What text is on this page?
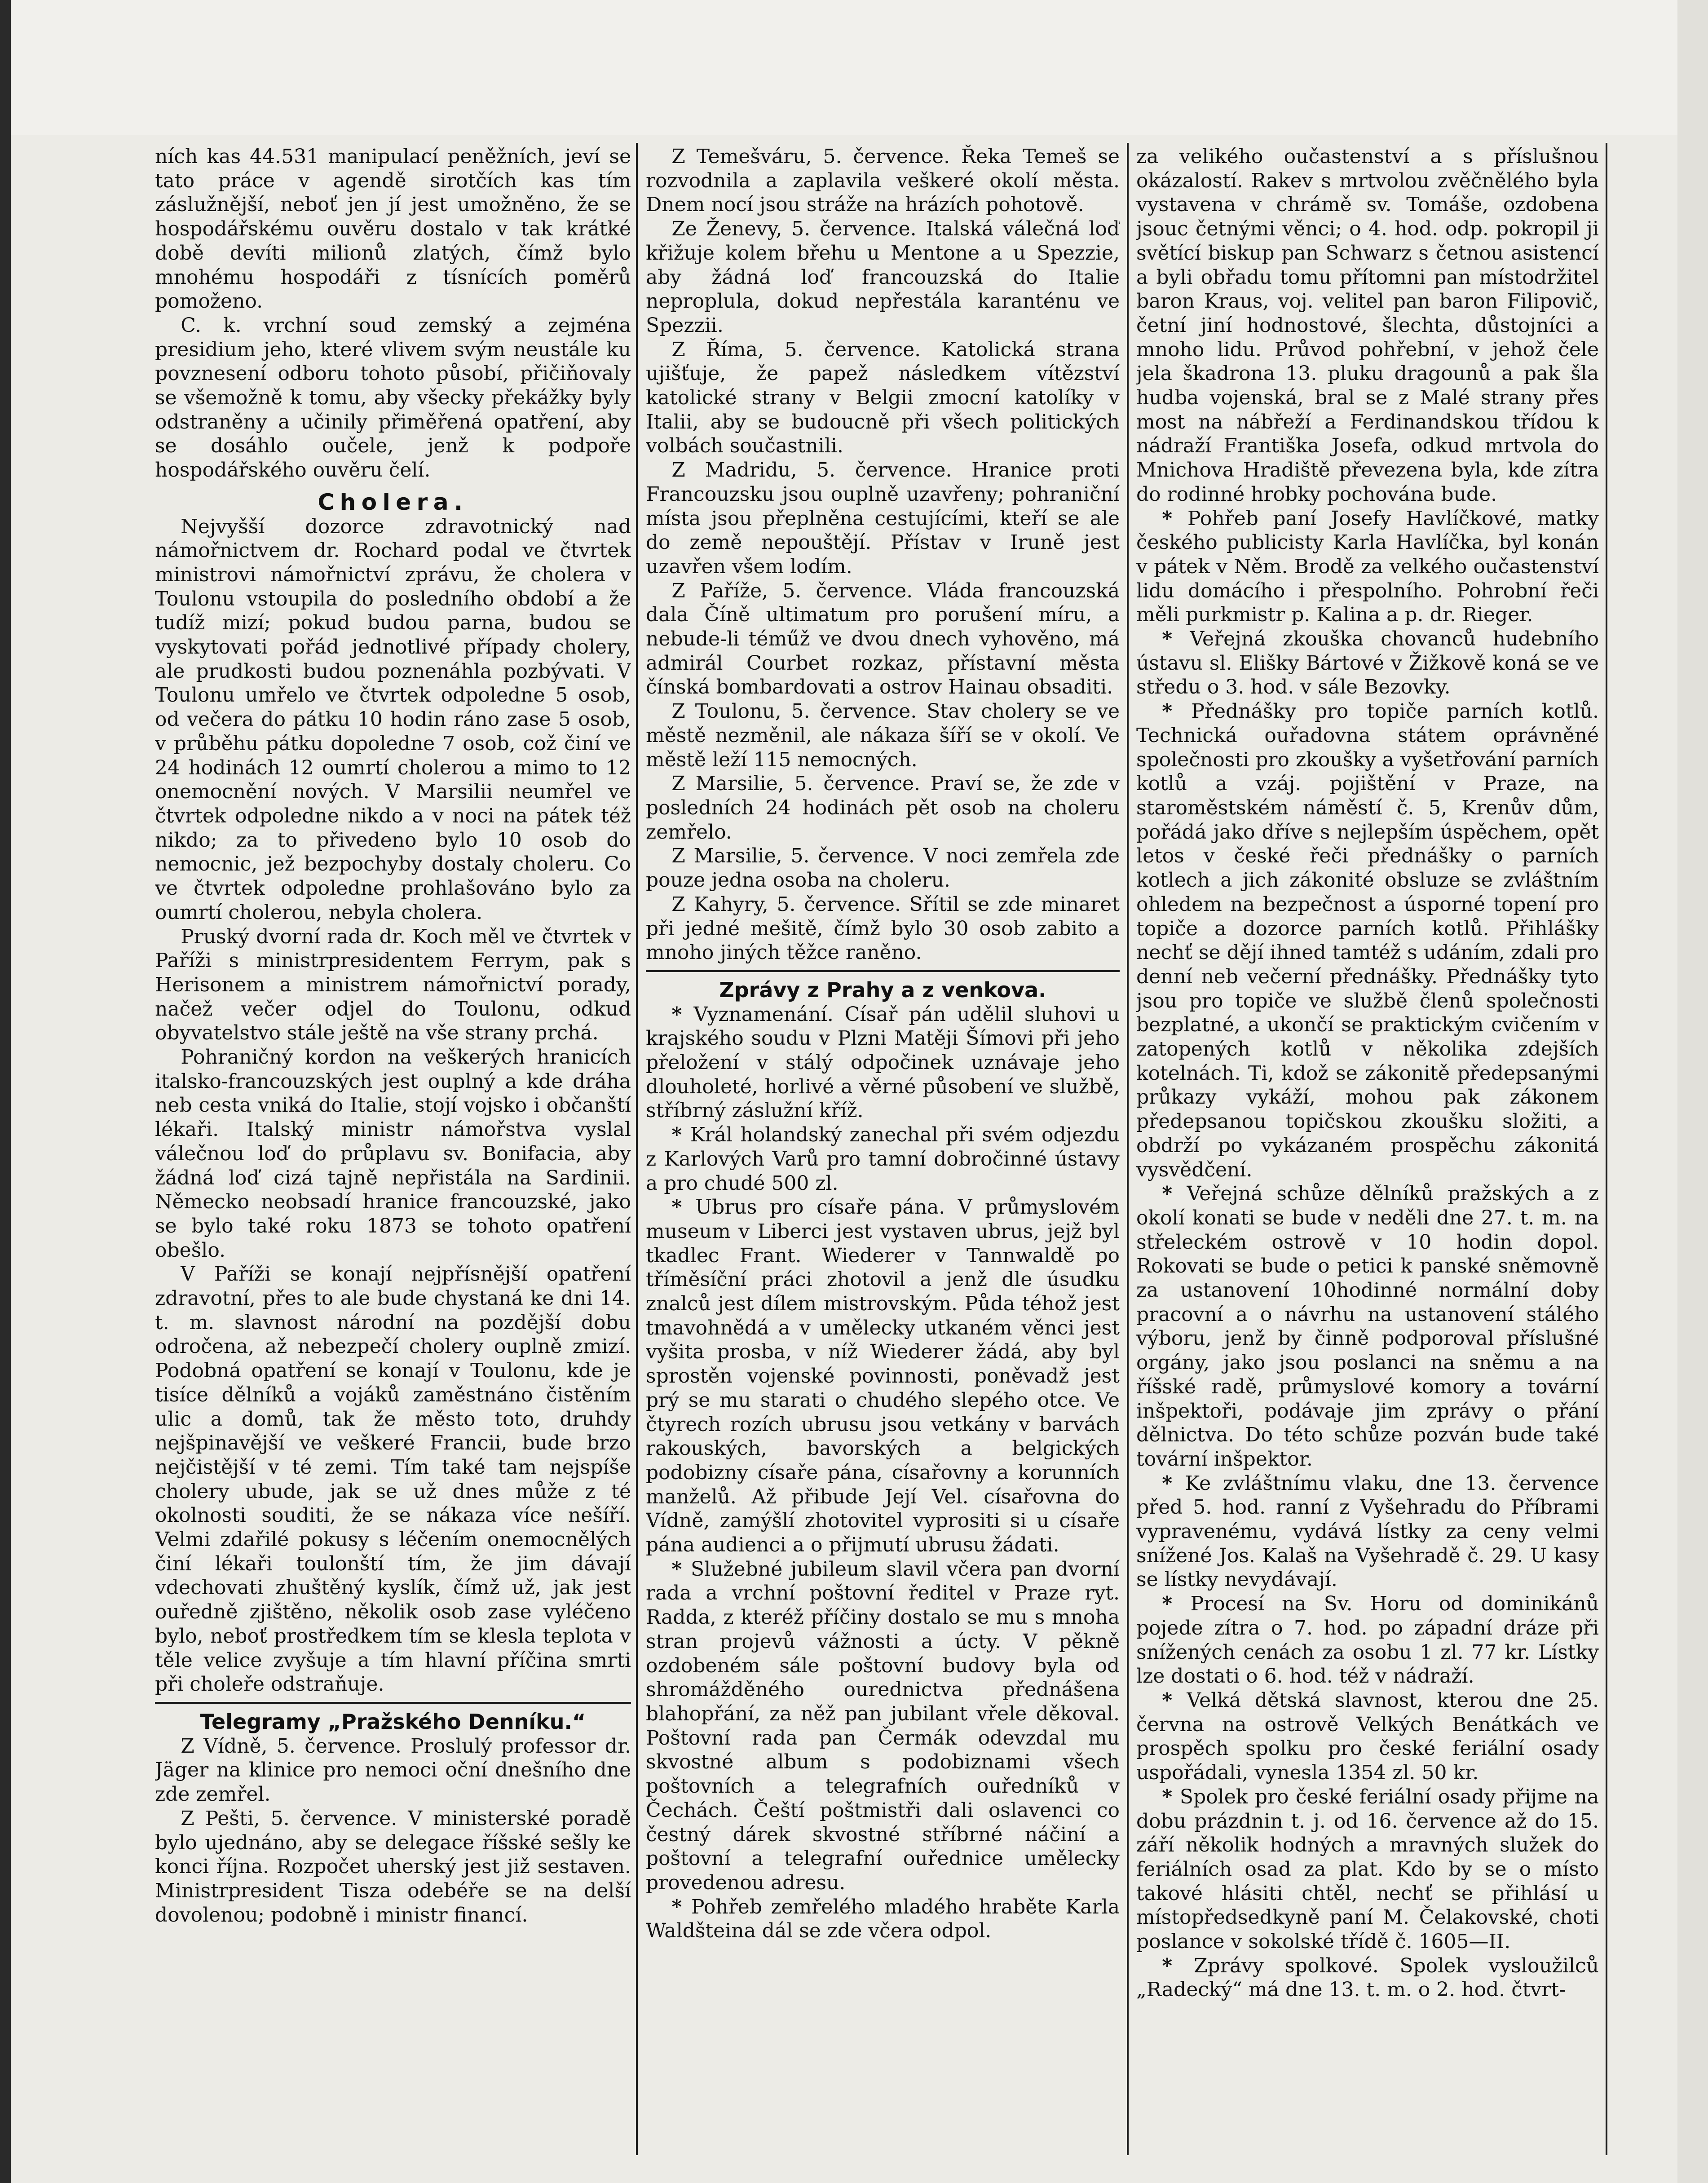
ních kas 44.531 manipulací peněžních, jeví se tato práce v agendě sirotčích kas tím záslužnější, neboť jen jí jest umožněno, že se hospodářskému ouvěru dostalo v tak krátké době devíti milionů zlatých, čímž bylo mnohému hospodáři z tísnících poměrů pomoženo.

C. k. vrchní soud zemský a zejména presidium jeho, které vlivem svým neustále ku povznesení odboru tohoto působí, přičiňovaly se všemožně k tomu, aby všecky překážky byly odstraněny a učinily přiměřená opatření, aby se dosáhlo oučele, jenž k podpoře hospodářského ouvěru čelí.

Cholera.

Nejvyšší dozorce zdravotnický nad námořnictvem dr. Rochard podal ve čtvrtek ministrovi námořnictví zprávu, že cholera v Toulonu vstoupila do posledního období a že tudíž mizí; pokud budou parna, budou se vyskytovati pořád jednotlivé případy cholery, ale prudkosti budou poznenáhla pozbývati. V Toulonu umřelo ve čtvrtek odpoledne 5 osob, od večera do pátku 10 hodin ráno zase 5 osob, v průběhu pátku dopoledne 7 osob, což činí ve 24 hodinách 12 oumrtí cholerou a mimo to 12 onemocnění nových. V Marsilii neumřel ve čtvrtek odpoledne nikdo a v noci na pátek též nikdo; za to přivedeno bylo 10 osob do nemocnic, jež bezpochyby dostaly choleru. Co ve čtvrtek odpoledne prohlašováno bylo za oumrtí cholerou, nebyla cholera.

Pruský dvorní rada dr. Koch měl ve čtvrtek v Paříži s ministrpresidentem Ferrym, pak s Herisonem a ministrem námořnictví porady, načež večer odjel do Toulonu, odkud obyvatelstvo stále ještě na vše strany prchá.

Pohraničný kordon na veškerých hranicích italsko-francouzských jest ouplný a kde dráha neb cesta vniká do Italie, stojí vojsko i občanští lékaři. Italský ministr námořstva vyslal válečnou loď do průplavu sv. Bonifacia, aby žádná loď cizá tajně nepřistála na Sardinii. Německo neobsadí hranice francouzské, jako se bylo také roku 1873 se tohoto opatření obešlo.

V Paříži se konají nejpřísnější opatření zdravotní, přes to ale bude chystaná ke dni 14. t. m. slavnost národní na pozdější dobu odročena, až nebezpečí cholery ouplně zmizí. Podobná opatření se konají v Toulonu, kde je tisíce dělníků a vojáků zaměstnáno čistěním ulic a domů, tak že město toto, druhdy nejšpinavější ve veškeré Francii, bude brzo nejčistější v té zemi. Tím také tam nejspíše cholery ubude, jak se už dnes může z té okolnosti souditi, že se nákaza více nešíří. Velmi zdařilé pokusy s léčením onemocnělých činí lékaři toulonští tím, že jim dávají vdechovati zhuštěný kyslík, čímž už, jak jest ouředně zjištěno, několik osob zase vyléčeno bylo, neboť prostředkem tím se klesla teplota v těle velice zvyšuje a tím hlavní příčina smrti při choleře odstraňuje.

Telegramy „Pražského Denníku.“

Z Vídně, 5. července. Proslulý professor dr. Jäger na klinice pro nemoci oční dnešního dne zde zemřel.

Z Pešti, 5. července. V ministerské poradě bylo ujednáno, aby se delegace říšské sešly ke konci října. Rozpočet uherský jest již sestaven. Ministrpresident Tisza odebéře se na delší dovolenou; podobně i ministr financí.

Z Temešváru, 5. července. Řeka Temeš se rozvodnila a zaplavila veškeré okolí města. Dnem nocí jsou stráže na hrázích pohotově.

Ze Ženevy, 5. července. Italská válečná loď křižuje kolem břehu u Mentone a u Spezzie, aby žádná loď francouzská do Italie neproplula, dokud nepřestála karanténu ve Spezzii.

Z Říma, 5. července. Katolická strana ujišťuje, že papež následkem vítězství katolické strany v Belgii zmocní katolíky v Italii, aby se budoucně při všech politických volbách součastnili.

Z Madridu, 5. července. Hranice proti Francouzsku jsou ouplně uzavřeny; pohraniční místa jsou přeplněna cestujícími, kteří se ale do země nepouštějí. Přístav v Iruně jest uzavřen všem lodím.

Z Paříže, 5. července. Vláda francouzská dala Číně ultimatum pro porušení míru, a nebude-li téműž ve dvou dnech vyhověno, má admirál Courbet rozkaz, přístavní města čínská bombardovati a ostrov Hainau obsaditi.

Z Toulonu, 5. července. Stav cholery se ve městě nezměnil, ale nákaza šíří se v okolí. Ve městě leží 115 nemocných.

Z Marsilie, 5. července. Praví se, že zde v posledních 24 hodinách pět osob na choleru zemřelo.

Z Marsilie, 5. července. V noci zemřela zde pouze jedna osoba na choleru.

Z Kahyry, 5. července. Sřítil se zde minaret při jedné mešitě, čímž bylo 30 osob zabito a mnoho jiných těžce raněno.

Zprávy z Prahy a z venkova.

* Vyznamenání. Císař pán udělil sluhovi u krajského soudu v Plzni Matěji Šímovi při jeho přeložení v stálý odpočinek uznávaje jeho dlouholeté, horlivé a věrné působení ve službě, stříbrný záslužní kříž.

* Král holandský zanechal při svém odjezdu z Karlových Varů pro tamní dobročinné ústavy a pro chudé 500 zl.

* Ubrus pro císaře pána. V průmyslovém museum v Liberci jest vystaven ubrus, jejž byl tkadlec Frant. Wiederer v Tannwaldě po tříměsíční práci zhotovil a jenž dle úsudku znalců jest dílem mistrovským. Půda téhož jest tmavohnědá a v umělecky utkaném věnci jest vyšita prosba, v níž Wiederer žádá, aby byl sprostěn vojenské povinnosti, poněvadž jest prý se mu starati o chudého slepého otce. Ve čtyrech rozích ubrusu jsou vetkány v barvách rakouských, bavorských a belgických podobizny císaře pána, císařovny a korunních manželů. Až přibude Její Vel. císařovna do Vídně, zamýšlí zhotovitel vyprositi si u císaře pána audienci a o přijmutí ubrusu žádati.

* Služebné jubileum slavil včera pan dvorní rada a vrchní poštovní ředitel v Praze ryt. Radda, z kteréž příčiny dostalo se mu s mnoha stran projevů vážnosti a úcty. V pěkně ozdobeném sále poštovní budovy byla od shromážděného ourednictva přednášena blahopřání, za něž pan jubilant vřele děkoval. Poštovní rada pan Čermák odevzdal mu skvostné album s podobiznami všech poštovních a telegrafních ouředníků v Čechách. Čeští poštmistři dali oslavenci co čestný dárek skvostné stříbrné náčiní a poštovní a telegrafní ouřednice umělecky provedenou adresu.

* Pohřeb zemřelého mladého hraběte Karla Waldšteina dál se zde včera odpol.

za velikého oučastenství a s příslušnou okázalostí. Rakev s mrtvolou zvěčnělého byla vystavena v chrámě sv. Tomáše, ozdobena jsouc četnými věnci; o 4. hod. odp. pokropil ji světící biskup pan Schwarz s četnou asistencí a byli obřadu tomu přítomni pan místodržitel baron Kraus, voj. velitel pan baron Filipovič, četní jiní hodnostové, šlechta, důstojníci a mnoho lidu. Průvod pohřební, v jehož čele jela škadrona 13. pluku dragounů a pak šla hudba vojenská, bral se z Malé strany přes most na nábřeží a Ferdinandskou třídou k nádraží Františka Josefa, odkud mrtvola do Mnichova Hradiště převezena byla, kde zítra do rodinné hrobky pochována bude.

* Pohřeb paní Josefy Havlíčkové, matky českého publicisty Karla Havlíčka, byl konán v pátek v Něm. Brodě za velkého oučastenství lidu domácího i přespolního. Pohrobní řeči měli purkmistr p. Kalina a p. dr. Rieger.

* Veřejná zkouška chovanců hudebního ústavu sl. Elišky Bártové v Žižkově koná se ve středu o 3. hod. v sále Bezovky.

* Přednášky pro topiče parních kotlů. Technická ouřadovna státem oprávněné společnosti pro zkoušky a vyšetřování parních kotlů a vzáj. pojištění v Praze, na staroměstském náměstí č. 5, Krenův dům, pořádá jako dříve s nejlepším úspěchem, opět letos v české řeči přednášky o parních kotlech a jich zákonité obsluze se zvláštním ohledem na bezpečnost a úsporné topení pro topiče a dozorce parních kotlů. Přihlášky nechť se dějí ihned tamtéž s udáním, zdali pro denní neb večerní přednášky. Přednášky tyto jsou pro topiče ve službě členů společnosti bezplatné, a ukončí se praktickým cvičením v zatopených kotlů v několika zdejších kotelnách. Ti, kdož se zákonitě předepsanými průkazy vykáží, mohou pak zákonem předepsanou topičskou zkoušku složiti, a obdrží po vykázaném prospěchu zákonitá vysvědčení.

* Veřejná schůze dělníků pražských a z okolí konati se bude v neděli dne 27. t. m. na střeleckém ostrově v 10 hodin dopol. Rokovati se bude o petici k panské sněmovně za ustanovení 10hodinné normální doby pracovní a o návrhu na ustanovení stálého výboru, jenž by činně podporoval příslušné orgány, jako jsou poslanci na sněmu a na říšské radě, průmyslové komory a tovární inšpektoři, podávaje jim zprávy o přání dělnictva. Do této schůze pozván bude také tovární inšpektor.

* Ke zvláštnímu vlaku, dne 13. července před 5. hod. ranní z Vyšehradu do Příbrami vypravenému, vydává lístky za ceny velmi snížené Jos. Kalaš na Vyšehradě č. 29. U kasy se lístky nevydávají.

* Procesí na Sv. Horu od dominikánů pojede zítra o 7. hod. po západní dráze při snížených cenách za osobu 1 zl. 77 kr. Lístky lze dostati o 6. hod. též v nádraží.

* Velká dětská slavnost, kterou dne 25. června na ostrově Velkých Benátkách ve prospěch spolku pro české feriální osady uspořádali, vynesla 1354 zl. 50 kr.

* Spolek pro české feriální osady přijme na dobu prázdnin t. j. od 16. července až do 15. září několik hodných a mravných služek do feriálních osad za plat. Kdo by se o místo takové hlásiti chtěl, nechť se přihlásí u místopředsedkyně paní M. Čelakovské, choti poslance v sokolské třídě č. 1605—II.

* Zprávy spolkové. Spolek vysloužilců „Radecký“ má dne 13. t. m. o 2. hod. čtvrt-
